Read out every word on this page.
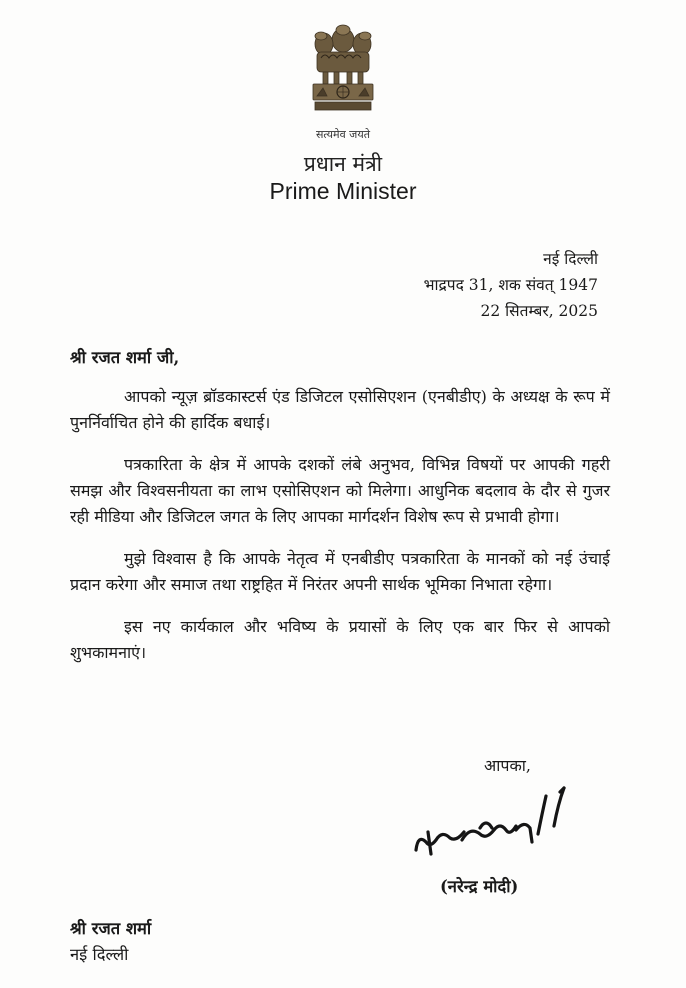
सत्यमेव जयते
प्रधान मंत्री
Prime Minister
नई दिल्ली
भाद्रपद 31, शक संवत् 1947
22 सितम्बर, 2025
श्री रजत शर्मा जी,

आपको न्यूज़ ब्रॉडकास्टर्स एंड डिजिटल एसोसिएशन (एनबीडीए) के अध्यक्ष के रूप में पुनर्निर्वाचित होने की हार्दिक बधाई।

पत्रकारिता के क्षेत्र में आपके दशकों लंबे अनुभव, विभिन्न विषयों पर आपकी गहरी समझ और विश्वसनीयता का लाभ एसोसिएशन को मिलेगा। आधुनिक बदलाव के दौर से गुजर रही मीडिया और डिजिटल जगत के लिए आपका मार्गदर्शन विशेष रूप से प्रभावी होगा।

मुझे विश्वास है कि आपके नेतृत्व में एनबीडीए पत्रकारिता के मानकों को नई उंचाई प्रदान करेगा और समाज तथा राष्ट्रहित में निरंतर अपनी सार्थक भूमिका निभाता रहेगा।

इस नए कार्यकाल और भविष्य के प्रयासों के लिए एक बार फिर से आपको शुभकामनाएं।

आपका,
(नरेन्द्र मोदी)
श्री रजत शर्मा
नई दिल्ली
